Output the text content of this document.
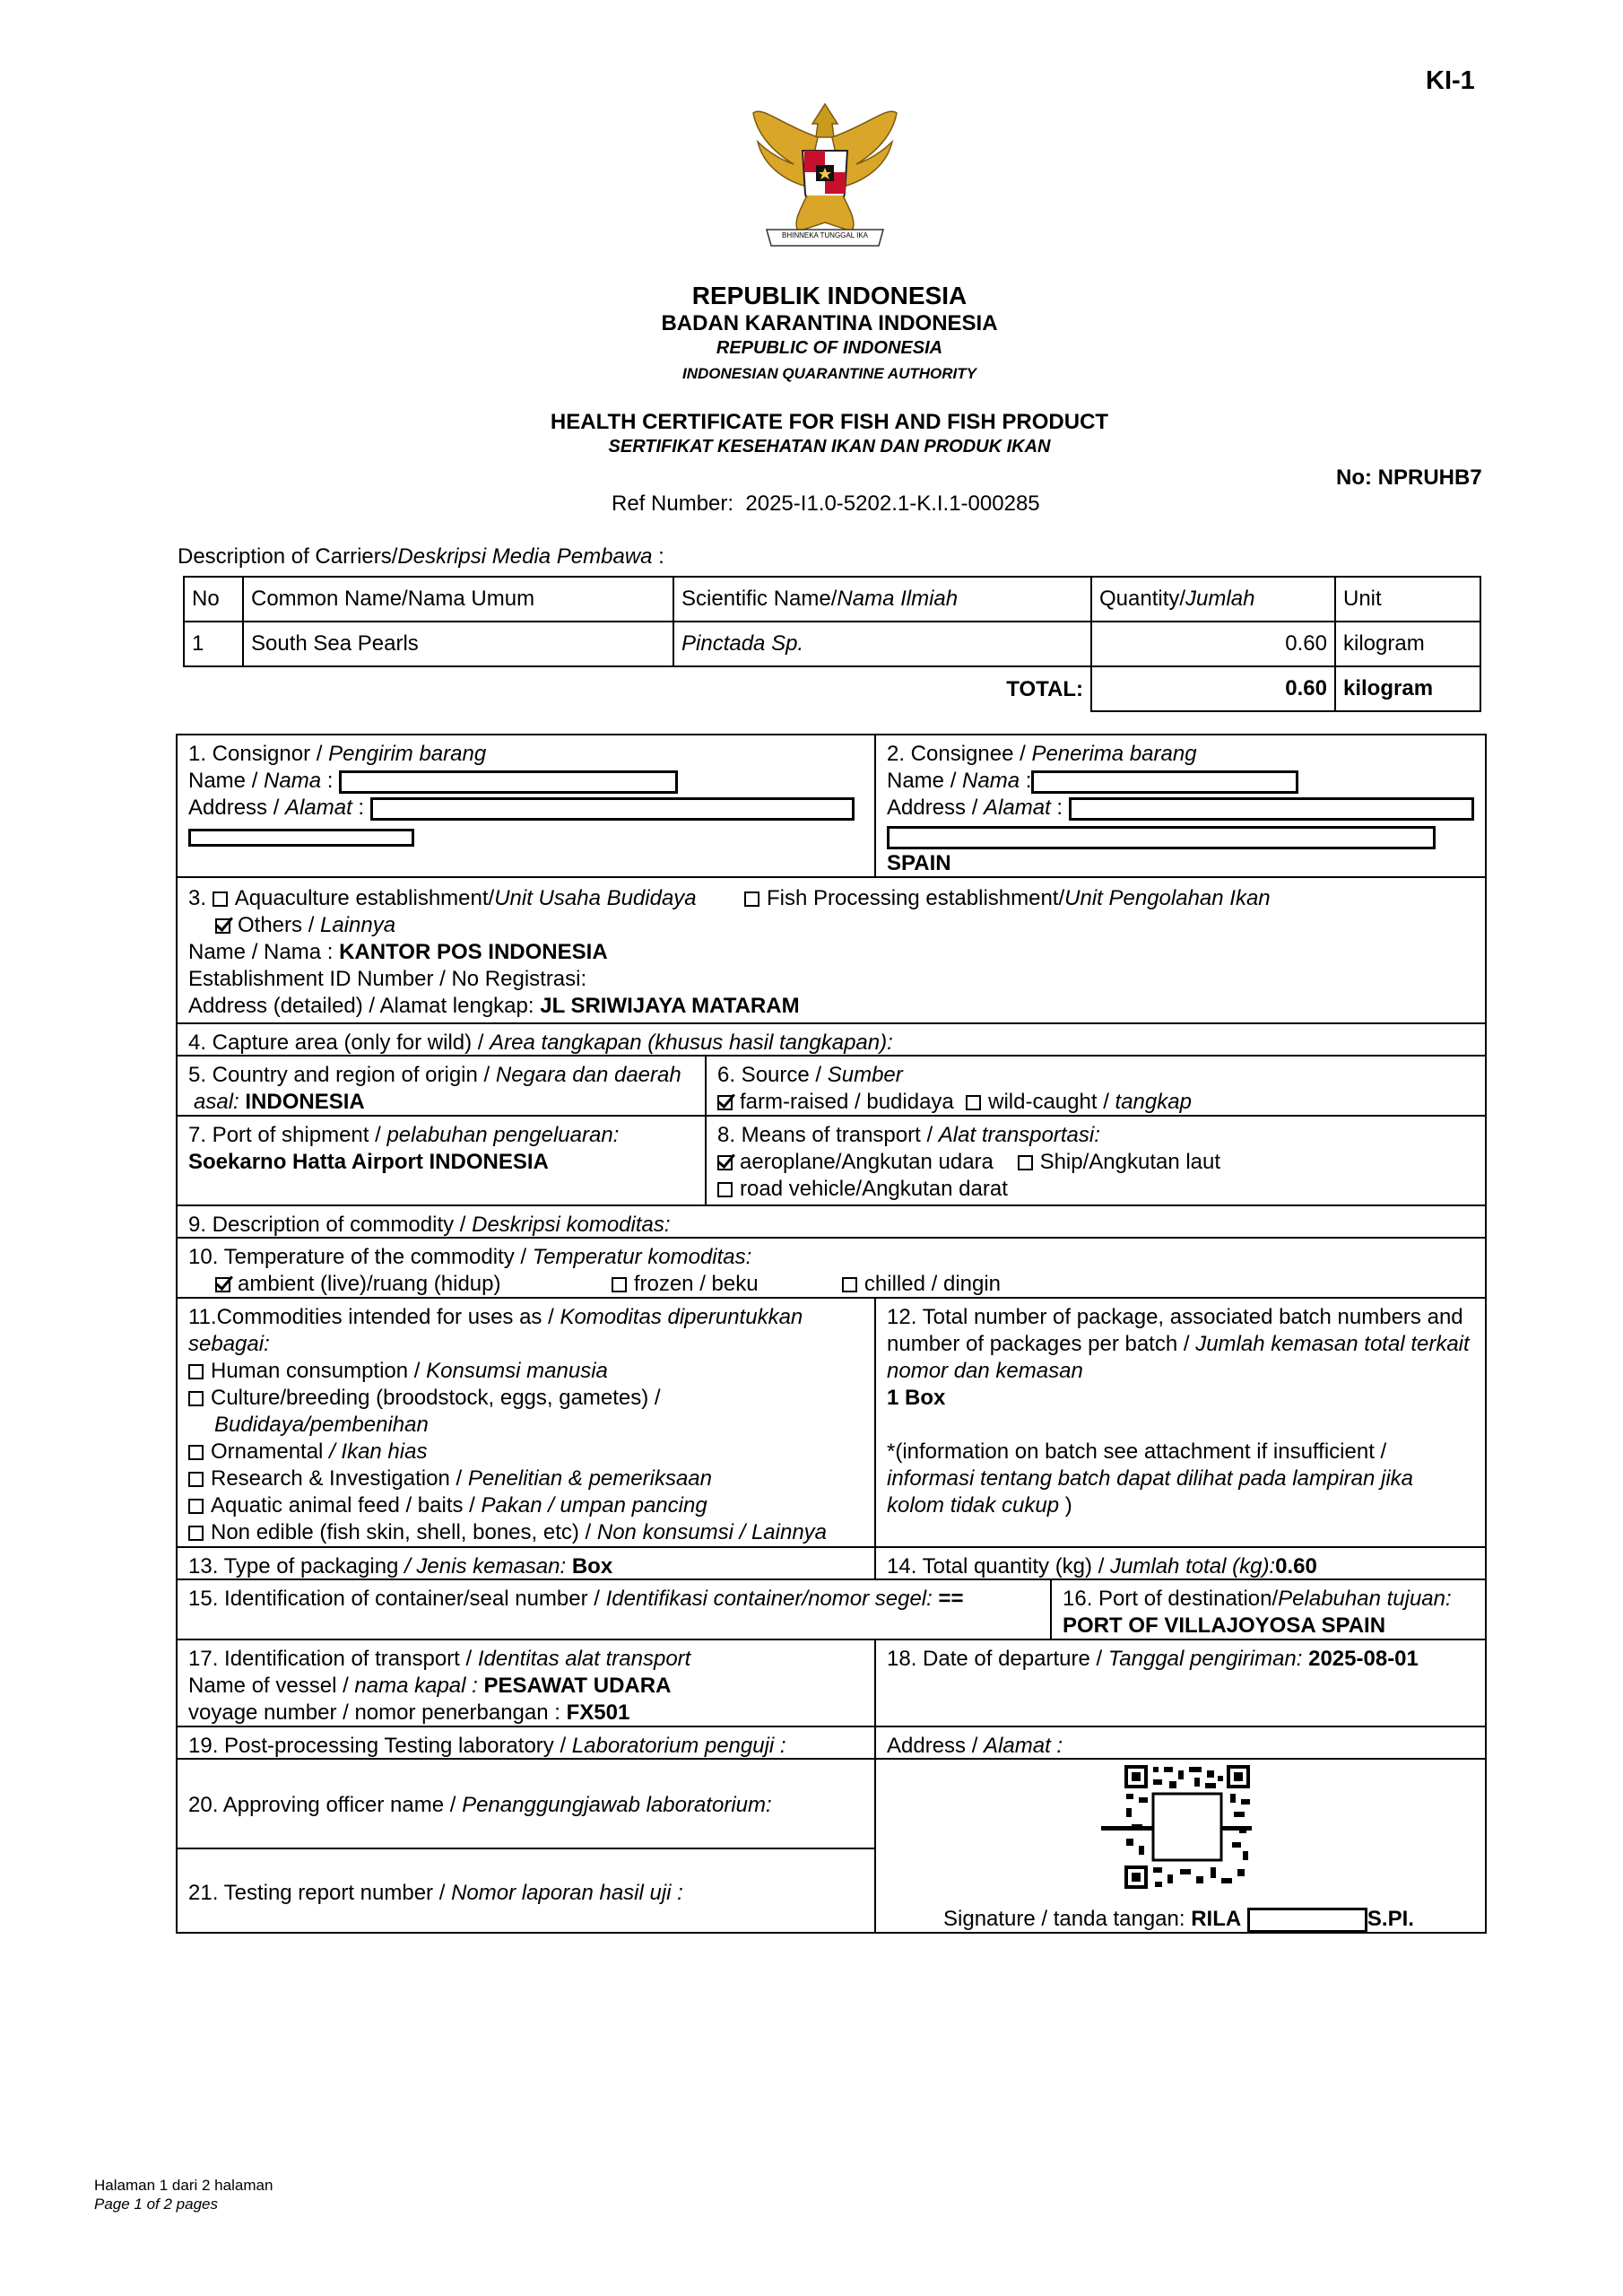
KI-1
BHINNEKA TUNGGAL IKA
REPUBLIK INDONESIA
BADAN KARANTINA INDONESIA
REPUBLIC OF INDONESIA
INDONESIAN QUARANTINE AUTHORITY
HEALTH CERTIFICATE FOR FISH AND FISH PRODUCT
SERTIFIKAT KESEHATAN IKAN DAN PRODUK IKAN
No: NPRUHB7
Ref Number: 2025-I1.0-5202.1-K.I.1-000285
Description of Carriers/Deskripsi Media Pembawa :
No	Common Name/Nama Umum	Scientific Name/Nama Ilmiah	Quantity/Jumlah	Unit
1	South Sea Pearls	Pinctada Sp.	0.60	kilogram
TOTAL:			0.60	kilogram
1. Consignor / Pengirim barang
Name / Nama :
Address / Alamat :
2. Consignee / Penerima barang
Name / Nama :
Address / Alamat :
SPAIN
3. Aquaculture establishment/Unit Usaha Budidaya	Fish Processing establishment/Unit Pengolahan Ikan
Others / Lainnya
Name / Nama : KANTOR POS INDONESIA
Establishment ID Number / No Registrasi:
Address (detailed) / Alamat lengkap: JL SRIWIJAYA MATARAM
4. Capture area (only for wild) / Area tangkapan (khusus hasil tangkapan):
5. Country and region of origin / Negara dan daerah
asal: INDONESIA
6. Source / Sumber
farm-raised / budidaya wild-caught / tangkap
7. Port of shipment / pelabuhan pengeluaran:
Soekarno Hatta Airport INDONESIA
8. Means of transport / Alat transportasi:
aeroplane/Angkutan udara Ship/Angkutan laut
road vehicle/Angkutan darat
9. Description of commodity / Deskripsi komoditas:
10. Temperature of the commodity / Temperatur komoditas:
ambient (live)/ruang (hidup)	frozen / beku	chilled / dingin
11.Commodities intended for uses as / Komoditas diperuntukkan
sebagai:
Human consumption / Konsumsi manusia
Culture/breeding (broodstock, eggs, gametes) /
Budidaya/pembenihan
Ornamental / Ikan hias
Research & Investigation / Penelitian & pemeriksaan
Aquatic animal feed / baits / Pakan / umpan pancing
Non edible (fish skin, shell, bones, etc) / Non konsumsi / Lainnya
12. Total number of package, associated batch numbers and number of packages per batch / Jumlah kemasan total terkait nomor dan kemasan
1 Box
*(information on batch see attachment if insufficient /
informasi tentang batch dapat dilihat pada lampiran jika kolom tidak cukup )
13. Type of packaging / Jenis kemasan: Box	14. Total quantity (kg) / Jumlah total (kg):0.60
15. Identification of container/seal number / Identifikasi container/nomor segel: ==	16. Port of destination/Pelabuhan tujuan:
PORT OF VILLAJOYOSA SPAIN
17. Identification of transport / Identitas alat transport
Name of vessel / nama kapal : PESAWAT UDARA
voyage number / nomor penerbangan : FX501
18. Date of departure / Tanggal pengiriman: 2025-08-01
19. Post-processing Testing laboratory / Laboratorium penguji :	Address / Alamat :
20. Approving officer name / Penanggungjawab laboratorium:
21. Testing report number / Nomor laporan hasil uji :
Signature / tanda tangan: RILA	S.PI.
Halaman 1 dari 2 halaman
Page 1 of 2 pages
